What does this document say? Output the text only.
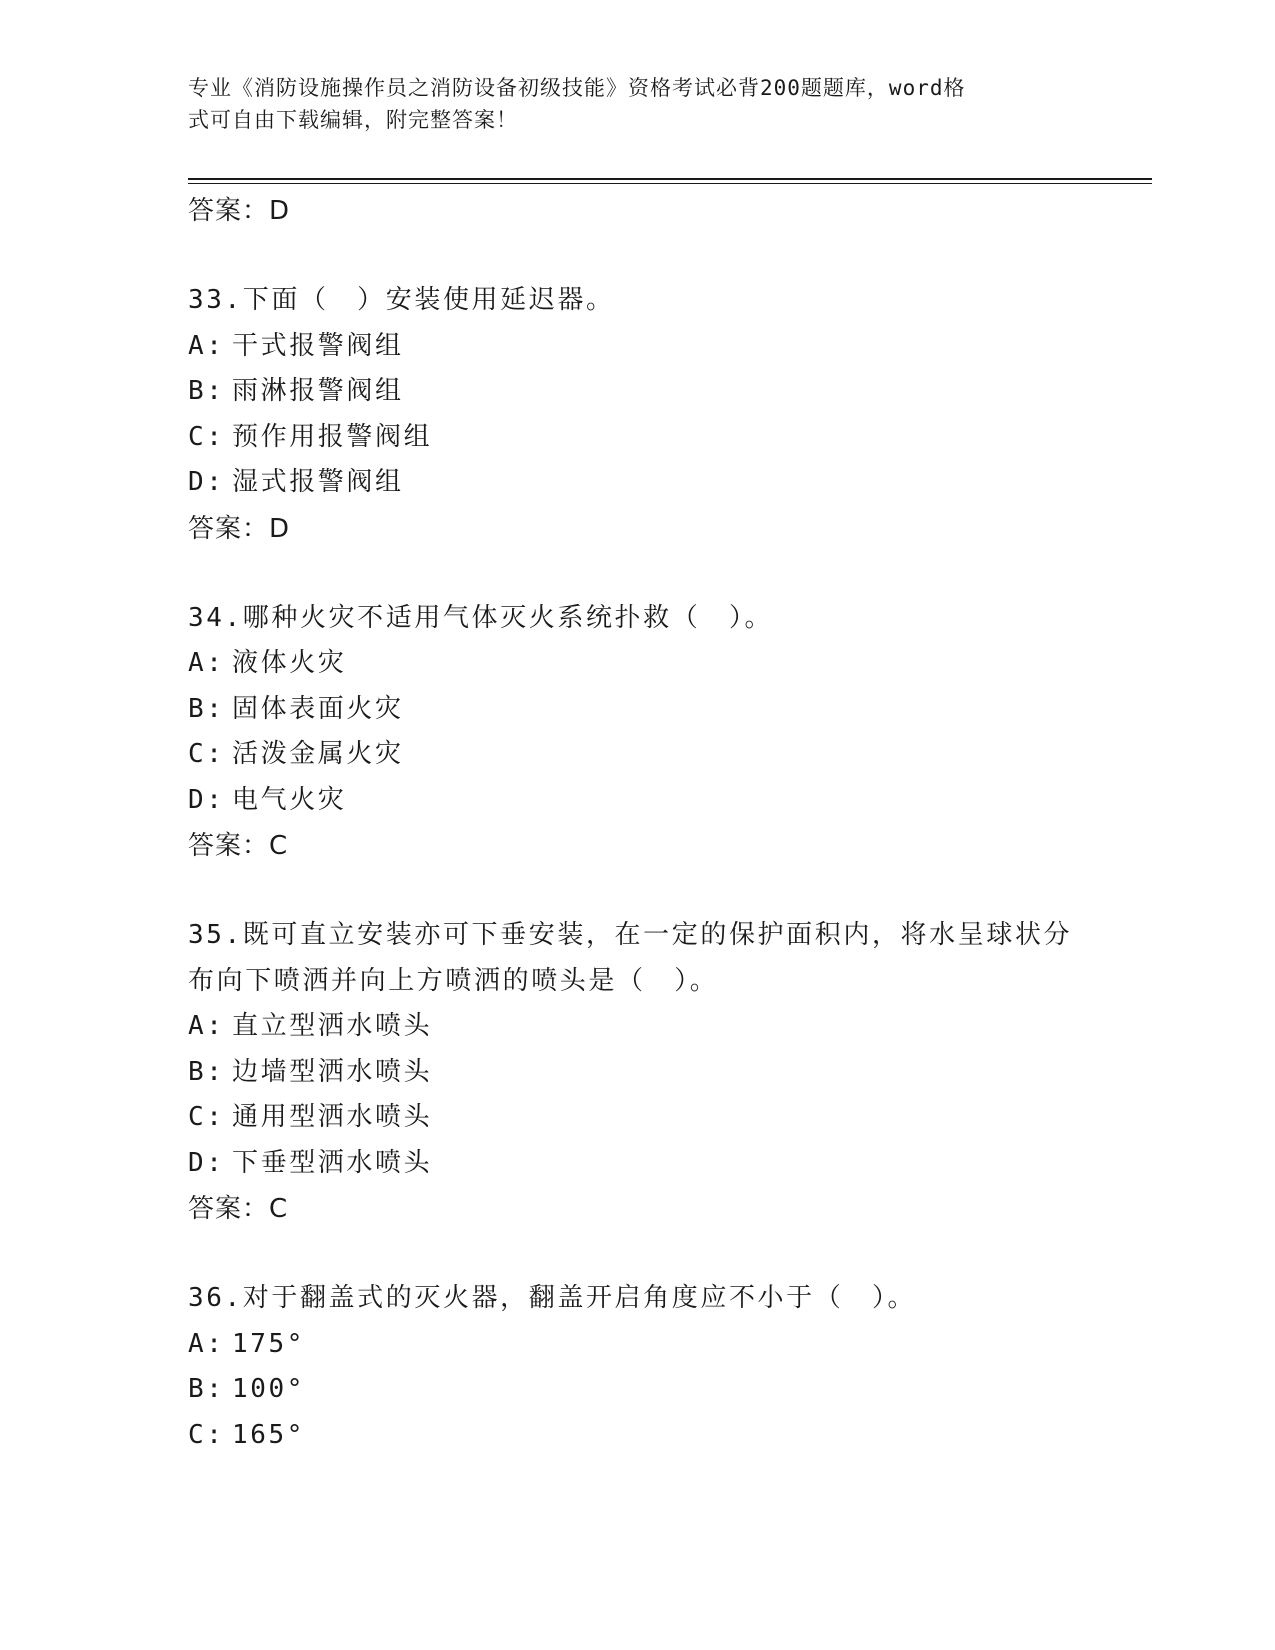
专业《消防设施操作员之消防设备初级技能》资格考试必背200题题库，word格
式可自由下载编辑，附完整答案！
答案：D
33.下面（　）安装使用延迟器。
A: 干式报警阀组
B: 雨淋报警阀组
C: 预作用报警阀组
D: 湿式报警阀组
答案：D
34.哪种火灾不适用气体灭火系统扑救（　）。
A: 液体火灾
B: 固体表面火灾
C: 活泼金属火灾
D: 电气火灾
答案：C
35.既可直立安装亦可下垂安装，在一定的保护面积内，将水呈球状分
布向下喷洒并向上方喷洒的喷头是（　）。
A: 直立型洒水喷头
B: 边墙型洒水喷头
C: 通用型洒水喷头
D: 下垂型洒水喷头
答案：C
36.对于翻盖式的灭火器，翻盖开启角度应不小于（　）。
A: 175°
B: 100°
C: 165°
